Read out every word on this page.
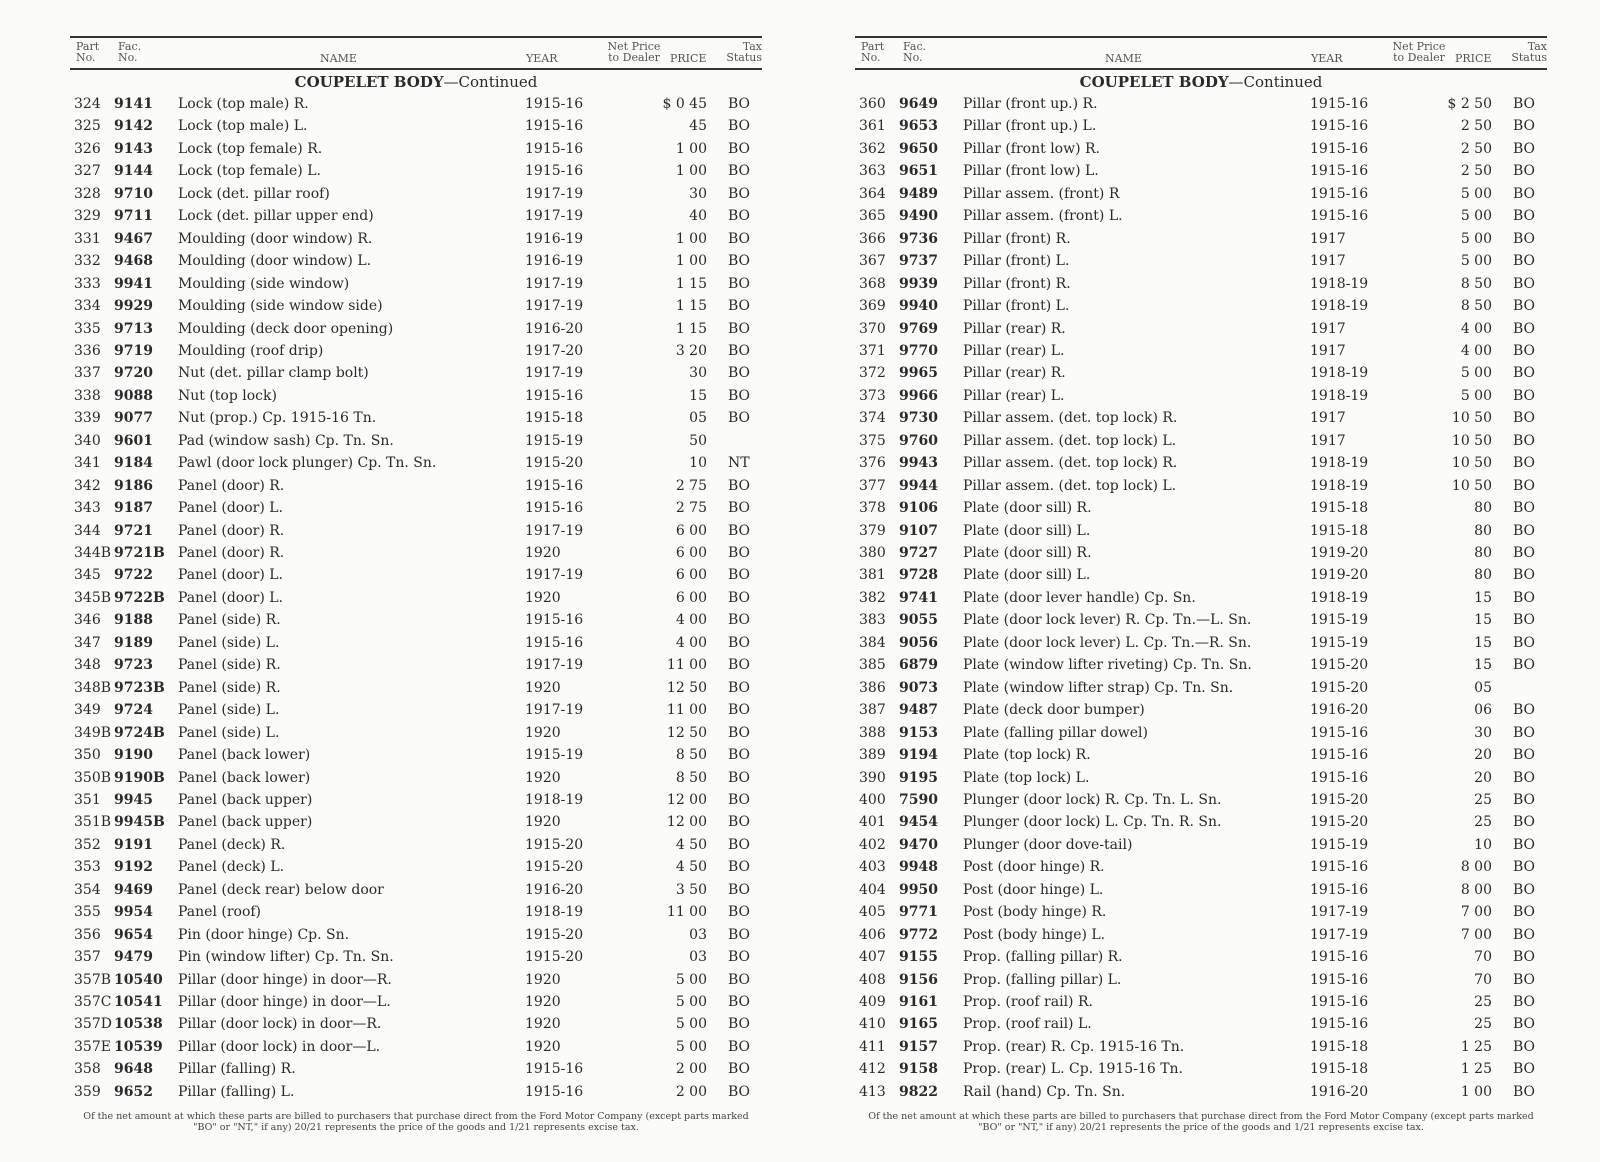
Part No.
Fac. No.	NAME	YEAR
Net Price to Dealer PRICE
Tax Status
COUPELET BODY—Continued
324 9141 Lock (top male) R.	1915-16	$ 0 45 BO
325 9142 Lock (top male) L.	1915-16	45 BO
326 9143 Lock (top female) R.	1915-16	1 00 BO
327 9144 Lock (top female) L.	1915-16	1 00 BO
328 9710 Lock (det. pillar roof)	1917-19	30 BO
329 9711 Lock (det. pillar upper end)	1917-19	40 BO
331 9467 Moulding (door window) R.	1916-19	1 00 BO
332 9468 Moulding (door window) L.	1916-19	1 00 BO
333 9941 Moulding (side window)	1917-19	1 15 BO
334 9929 Moulding (side window side)	1917-19	1 15 BO
335 9713 Moulding (deck door opening)	1916-20	1 15 BO
336 9719 Moulding (roof drip)	1917-20	3 20 BO
337 9720 Nut (det. pillar clamp bolt)	1917-19	30 BO
338 9088 Nut (top lock)	1915-16	15 BO
339 9077 Nut (prop.) Cp. 1915-16 Tn.	1915-18	05 BO
340 9601 Pad (window sash) Cp. Tn. Sn.	1915-19	50
341 9184 Pawl (door lock plunger) Cp. Tn. Sn.	1915-20	10 NT
342 9186 Panel (door) R.	1915-16	2 75 BO
343 9187 Panel (door) L.	1915-16	2 75 BO
344 9721 Panel (door) R.	1917-19	6 00 BO
344B 9721B Panel (door) R.	1920	6 00 BO
345 9722 Panel (door) L.	1917-19	6 00 BO
345B 9722B Panel (door) L.	1920	6 00 BO
346 9188 Panel (side) R.	1915-16	4 00 BO
347 9189 Panel (side) L.	1915-16	4 00 BO
348 9723 Panel (side) R.	1917-19	11 00 BO
348B 9723B Panel (side) R.	1920	12 50 BO
349 9724 Panel (side) L.	1917-19	11 00 BO
349B 9724B Panel (side) L.	1920	12 50 BO
350 9190 Panel (back lower)	1915-19	8 50 BO
350B 9190B Panel (back lower)	1920	8 50 BO
351 9945 Panel (back upper)	1918-19	12 00 BO
351B 9945B Panel (back upper)	1920	12 00 BO
352 9191 Panel (deck) R.	1915-20	4 50 BO
353 9192 Panel (deck) L.	1915-20	4 50 BO
354 9469 Panel (deck rear) below door	1916-20	3 50 BO
355 9954 Panel (roof)	1918-19	11 00 BO
356 9654 Pin (door hinge) Cp. Sn.	1915-20	03 BO
357 9479 Pin (window lifter) Cp. Tn. Sn.	1915-20	03 BO
357B 10540 Pillar (door hinge) in door—R.	1920	5 00 BO
357C 10541 Pillar (door hinge) in door—L.	1920	5 00 BO
357D 10538 Pillar (door lock) in door—R.	1920	5 00 BO
357E 10539 Pillar (door lock) in door—L.	1920	5 00 BO
358 9648 Pillar (falling) R.	1915-16	2 00 BO
359 9652 Pillar (falling) L.	1915-16	2 00 BO
Of the net amount at which these parts are billed to purchasers that purchase direct from the Ford Motor Company (except parts marked "BO" or "NT," if any) 20/21 represents the price of the goods and 1/21 represents excise tax.
Part No.
Fac. No.	NAME	YEAR
Net Price to Dealer PRICE
Tax Status
COUPELET BODY—Continued
360 9649 Pillar (front up.) R.	1915-16	$ 2 50 BO
361 9653 Pillar (front up.) L.	1915-16	2 50 BO
362 9650 Pillar (front low) R.	1915-16	2 50 BO
363 9651 Pillar (front low) L.	1915-16	2 50 BO
364 9489 Pillar assem. (front) R	1915-16	5 00 BO
365 9490 Pillar assem. (front) L.	1915-16	5 00 BO
366 9736 Pillar (front) R.	1917	5 00 BO
367 9737 Pillar (front) L.	1917	5 00 BO
368 9939 Pillar (front) R.	1918-19	8 50 BO
369 9940 Pillar (front) L.	1918-19	8 50 BO
370 9769 Pillar (rear) R.	1917	4 00 BO
371 9770 Pillar (rear) L.	1917	4 00 BO
372 9965 Pillar (rear) R.	1918-19	5 00 BO
373 9966 Pillar (rear) L.	1918-19	5 00 BO
374 9730 Pillar assem. (det. top lock) R.	1917	10 50 BO
375 9760 Pillar assem. (det. top lock) L.	1917	10 50 BO
376 9943 Pillar assem. (det. top lock) R.	1918-19	10 50 BO
377 9944 Pillar assem. (det. top lock) L.	1918-19	10 50 BO
378 9106 Plate (door sill) R.	1915-18	80 BO
379 9107 Plate (door sill) L.	1915-18	80 BO
380 9727 Plate (door sill) R.	1919-20	80 BO
381 9728 Plate (door sill) L.	1919-20	80 BO
382 9741 Plate (door lever handle) Cp. Sn.	1918-19	15 BO
383 9055 Plate (door lock lever) R. Cp. Tn.—L. Sn.	1915-19	15 BO
384 9056 Plate (door lock lever) L. Cp. Tn.—R. Sn.	1915-19	15 BO
385 6879 Plate (window lifter riveting) Cp. Tn. Sn.	1915-20	15 BO
386 9073 Plate (window lifter strap) Cp. Tn. Sn.	1915-20	05
387 9487 Plate (deck door bumper)	1916-20	06 BO
388 9153 Plate (falling pillar dowel)	1915-16	30 BO
389 9194 Plate (top lock) R.	1915-16	20 BO
390 9195 Plate (top lock) L.	1915-16	20 BO
400 7590 Plunger (door lock) R. Cp. Tn. L. Sn.	1915-20	25 BO
401 9454 Plunger (door lock) L. Cp. Tn. R. Sn.	1915-20	25 BO
402 9470 Plunger (door dove-tail)	1915-19	10 BO
403 9948 Post (door hinge) R.	1915-16	8 00 BO
404 9950 Post (door hinge) L.	1915-16	8 00 BO
405 9771 Post (body hinge) R.	1917-19	7 00 BO
406 9772 Post (body hinge) L.	1917-19	7 00 BO
407 9155 Prop. (falling pillar) R.	1915-16	70 BO
408 9156 Prop. (falling pillar) L.	1915-16	70 BO
409 9161 Prop. (roof rail) R.	1915-16	25 BO
410 9165 Prop. (roof rail) L.	1915-16	25 BO
411 9157 Prop. (rear) R. Cp. 1915-16 Tn.	1915-18	1 25 BO
412 9158 Prop. (rear) L. Cp. 1915-16 Tn.	1915-18	1 25 BO
413 9822 Rail (hand) Cp. Tn. Sn.	1916-20	1 00 BO
Of the net amount at which these parts are billed to purchasers that purchase direct from the Ford Motor Company (except parts marked "BO" or "NT," if any) 20/21 represents the price of the goods and 1/21 represents excise tax.
